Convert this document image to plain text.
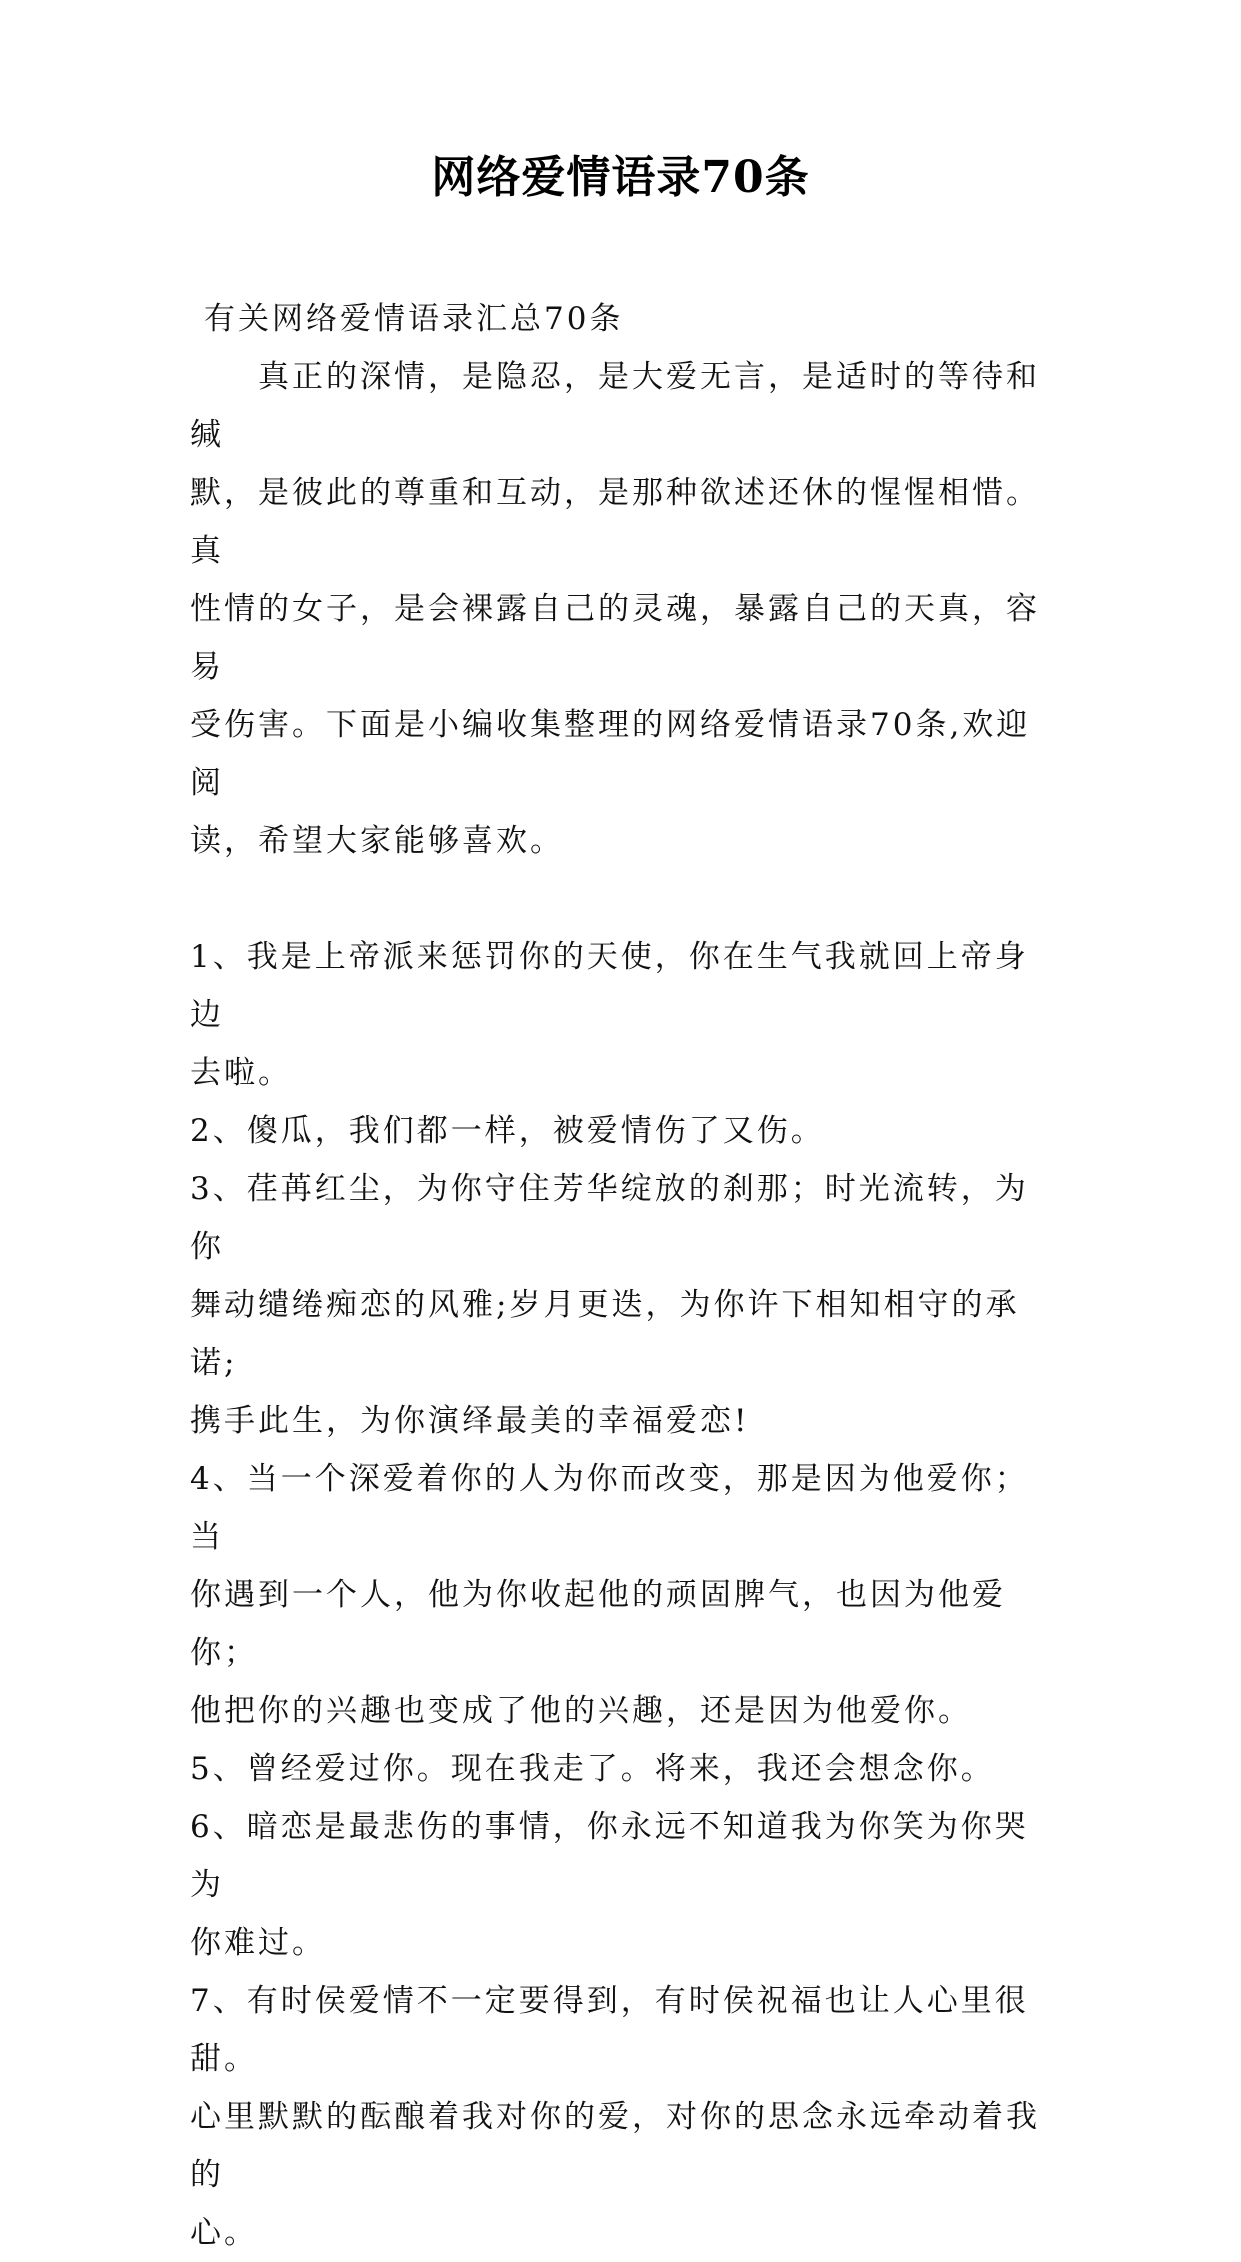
网络爱情语录70条

有关网络爱情语录汇总70条

真正的深情，是隐忍，是大爱无言，是适时的等待和缄
默，是彼此的尊重和互动，是那种欲述还休的惺惺相惜。真
性情的女子，是会裸露自己的灵魂，暴露自己的天真，容易
受伤害。下面是小编收集整理的网络爱情语录70条,欢迎阅
读，希望大家能够喜欢。

1、我是上帝派来惩罚你的天使，你在生气我就回上帝身边
去啦。

2、傻瓜，我们都一样，被爱情伤了又伤。

3、荏苒红尘，为你守住芳华绽放的刹那；时光流转，为你
舞动缱绻痴恋的风雅;岁月更迭，为你许下相知相守的承诺;
携手此生，为你演绎最美的幸福爱恋!

4、当一个深爱着你的人为你而改变，那是因为他爱你；当
你遇到一个人，他为你收起他的顽固脾气，也因为他爱你；
他把你的兴趣也变成了他的兴趣，还是因为他爱你。

5、曾经爱过你。现在我走了。将来，我还会想念你。

6、暗恋是最悲伤的事情，你永远不知道我为你笑为你哭为
你难过。

7、有时侯爱情不一定要得到，有时侯祝福也让人心里很甜。
心里默默的酝酿着我对你的爱，对你的思念永远牵动着我的
心。
